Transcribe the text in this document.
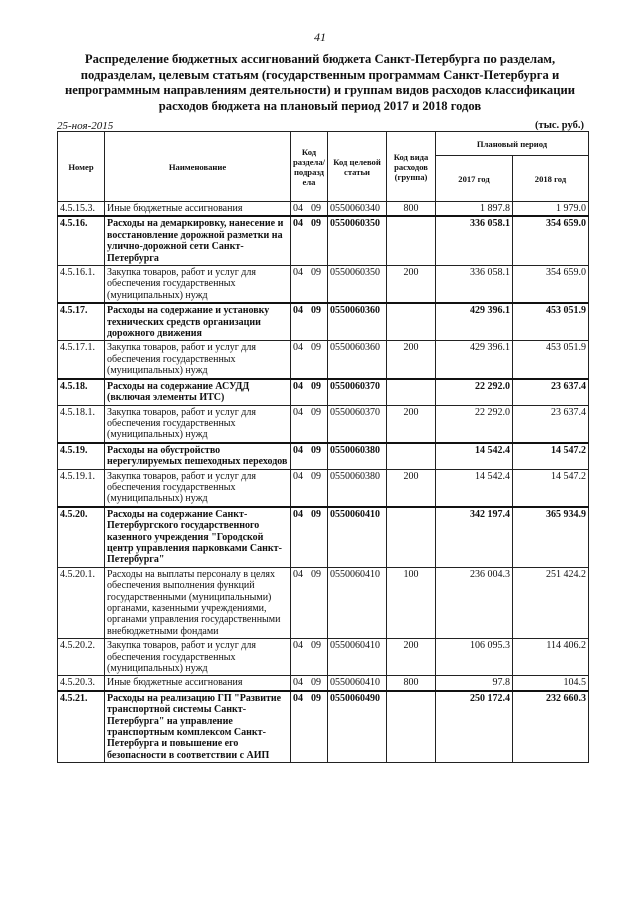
41
Распределение бюджетных ассигнований бюджета Санкт-Петербурга по разделам, подразделам, целевым статьям (государственным программам Санкт-Петербурга и непрограммным направлениям деятельности) и группам видов расходов классификации расходов бюджета на плановый период 2017 и 2018 годов
25-ноя-2015	(тыс. руб.)
Номер	Наименование	Код раздела/ подразд ела	Код целевой статьи	Код вида расходов (группа)	Плановый период	
					2017 год	2018 год
4.5.15.3.	Иные бюджетные ассигнования	04 09	0550060340	800	1 897.8	1 979.0
4.5.16.	Расходы на демаркировку, нанесение и восстановление дорожной разметки на улично-дорожной сети Санкт-Петербурга	04 09	0550060350		336 058.1	354 659.0
4.5.16.1.	Закупка товаров, работ и услуг для обеспечения государственных (муниципальных) нужд	04 09	0550060350	200	336 058.1	354 659.0
4.5.17.	Расходы на содержание и установку технических средств организации дорожного движения	04 09	0550060360		429 396.1	453 051.9
4.5.17.1.	Закупка товаров, работ и услуг для обеспечения государственных (муниципальных) нужд	04 09	0550060360	200	429 396.1	453 051.9
4.5.18.	Расходы на содержание АСУДД (включая элементы ИТС)	04 09	0550060370		22 292.0	23 637.4
4.5.18.1.	Закупка товаров, работ и услуг для обеспечения государственных (муниципальных) нужд	04 09	0550060370	200	22 292.0	23 637.4
4.5.19.	Расходы на обустройство нерегулируемых пешеходных переходов	04 09	0550060380		14 542.4	14 547.2
4.5.19.1.	Закупка товаров, работ и услуг для обеспечения государственных (муниципальных) нужд	04 09	0550060380	200	14 542.4	14 547.2
4.5.20.	Расходы на содержание Санкт-Петербургского государственного казенного учреждения "Городской центр управления парковками Санкт-Петербурга"	04 09	0550060410		342 197.4	365 934.9
4.5.20.1.	Расходы на выплаты персоналу в целях обеспечения выполнения функций государственными (муниципальными) органами, казенными учреждениями, органами управления государственными внебюджетными фондами	04 09	0550060410	100	236 004.3	251 424.2
4.5.20.2.	Закупка товаров, работ и услуг для обеспечения государственных (муниципальных) нужд	04 09	0550060410	200	106 095.3	114 406.2
4.5.20.3.	Иные бюджетные ассигнования	04 09	0550060410	800	97.8	104.5
4.5.21.	Расходы на реализацию ГП "Развитие транспортной системы Санкт-Петербурга" на управление транспортным комплексом Санкт-Петербурга и повышение его безопасности в соответствии с АИП	04 09	0550060490		250 172.4	232 660.3
